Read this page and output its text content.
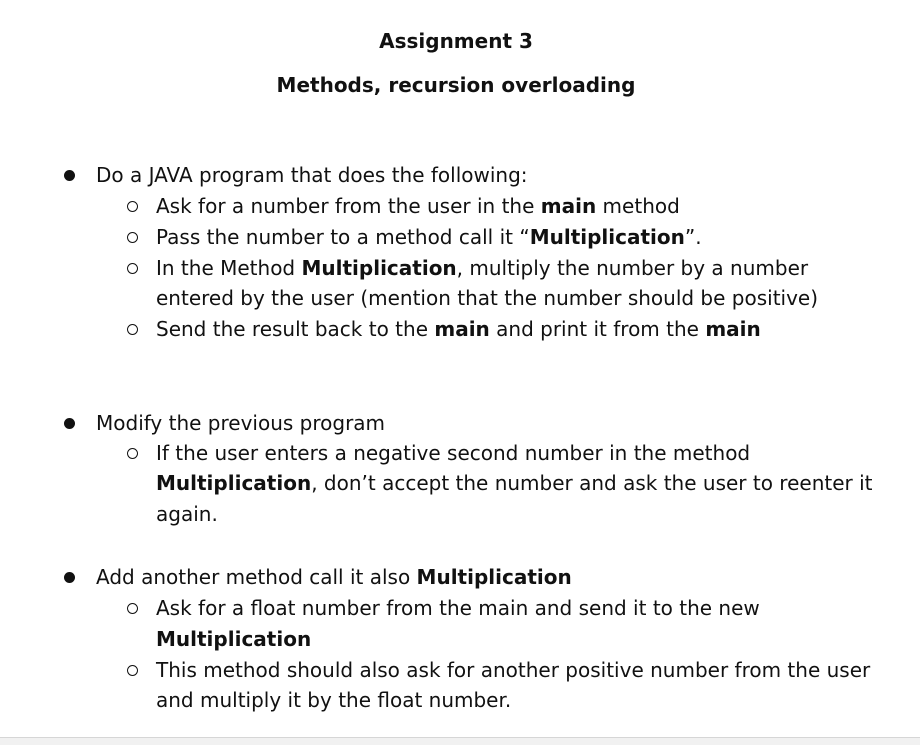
Assignment 3
Methods, recursion overloading
Do a JAVA program that does the following:
Ask for a number from the user in the main method
Pass the number to a method call it “Multiplication”.
In the Method Multiplication, multiply the number by a number
entered by the user (mention that the number should be positive)
Send the result back to the main and print it from the main
Modify the previous program
If the user enters a negative second number in the method
Multiplication, don’t accept the number and ask the user to reenter it
again.
Add another method call it also Multiplication
Ask for a float number from the main and send it to the new
Multiplication
This method should also ask for another positive number from the user
and multiply it by the float number.
